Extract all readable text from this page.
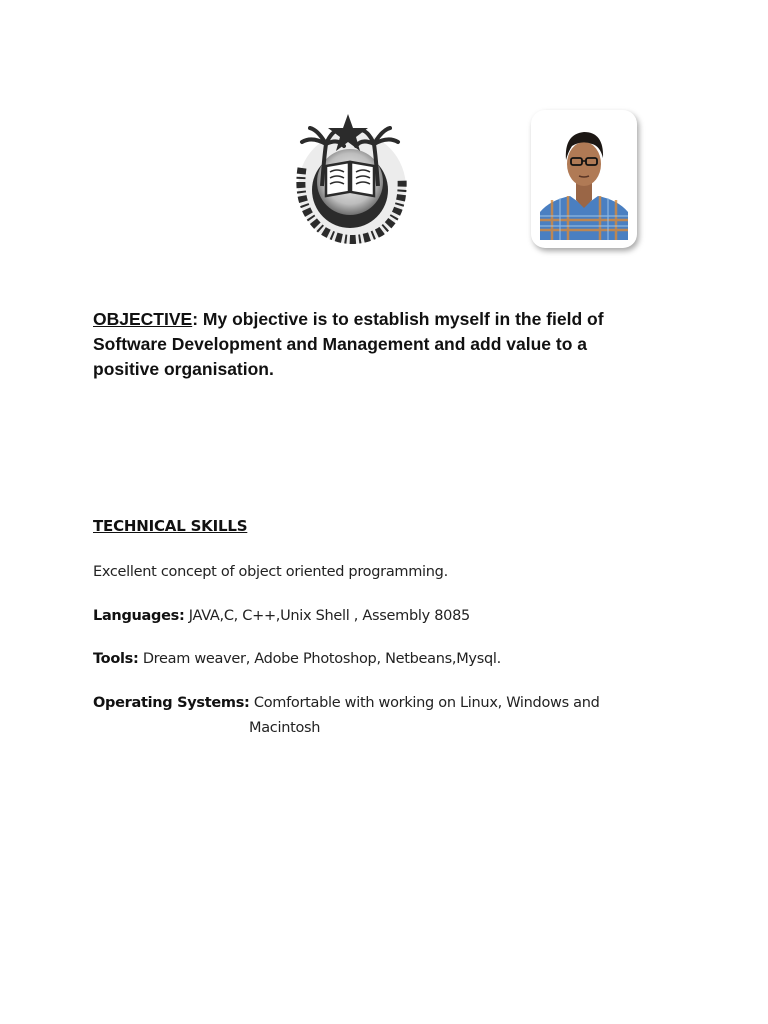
OBJECTIVE: My objective is to establish myself in the field of Software Development and Management and add value to a positive organisation.
TECHNICAL SKILLS
Excellent concept of object oriented programming.
Languages: JAVA,C, C++,Unix Shell , Assembly 8085
Tools: Dream weaver, Adobe Photoshop, Netbeans,Mysql.
Operating Systems: Comfortable with working on Linux, Windows and
Macintosh
